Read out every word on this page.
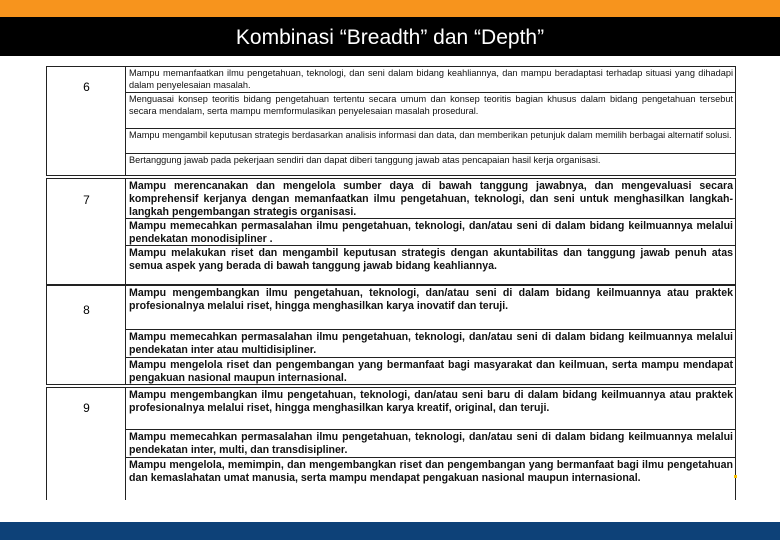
Kombinasi “Breadth” dan “Depth”
6
Mampu memanfaatkan ilmu pengetahuan, teknologi, dan seni dalam bidang keahliannya, dan mampu beradaptasi terhadap situasi yang dihadapi dalam penyelesaian masalah.
Menguasai konsep teoritis bidang pengetahuan tertentu secara umum dan konsep teoritis bagian khusus dalam bidang pengetahuan tersebut secara mendalam, serta mampu memformulasikan penyelesaian masalah prosedural.
Mampu mengambil keputusan strategis berdasarkan analisis informasi dan data, dan memberikan petunjuk dalam memilih berbagai alternatif solusi.
Bertanggung jawab pada pekerjaan sendiri dan dapat diberi tanggung jawab atas pencapaian hasil kerja organisasi.
7
Mampu merencanakan dan mengelola sumber daya di bawah tanggung jawabnya, dan mengevaluasi secara komprehensif kerjanya dengan memanfaatkan ilmu pengetahuan, teknologi, dan seni untuk menghasilkan langkah-langkah pengembangan strategis organisasi.
Mampu memecahkan permasalahan ilmu pengetahuan, teknologi, dan/atau seni di dalam bidang keilmuannya melalui pendekatan monodisipliner .
Mampu melakukan riset dan mengambil keputusan strategis dengan akuntabilitas dan tanggung jawab penuh atas semua aspek yang berada di bawah tanggung jawab bidang keahliannya.
8
Mampu mengembangkan ilmu pengetahuan, teknologi, dan/atau seni di dalam bidang keilmuannya atau praktek profesionalnya melalui riset, hingga menghasilkan karya inovatif dan teruji.
Mampu memecahkan permasalahan ilmu pengetahuan, teknologi, dan/atau seni di dalam bidang keilmuannya melalui pendekatan inter atau multidisipliner.
Mampu mengelola riset dan pengembangan yang bermanfaat bagi masyarakat dan keilmuan, serta mampu mendapat pengakuan nasional maupun internasional.
9
Mampu mengembangkan ilmu pengetahuan, teknologi, dan/atau seni baru di dalam bidang keilmuannya atau praktek profesionalnya melalui riset, hingga menghasilkan karya kreatif, original, dan teruji.
Mampu memecahkan permasalahan ilmu pengetahuan, teknologi, dan/atau seni di dalam bidang keilmuannya melalui pendekatan inter, multi, dan transdisipliner.
Mampu mengelola, memimpin, dan mengembangkan riset dan pengembangan yang bermanfaat bagi ilmu pengetahuan dan kemaslahatan umat manusia, serta mampu mendapat pengakuan nasional maupun internasional.
